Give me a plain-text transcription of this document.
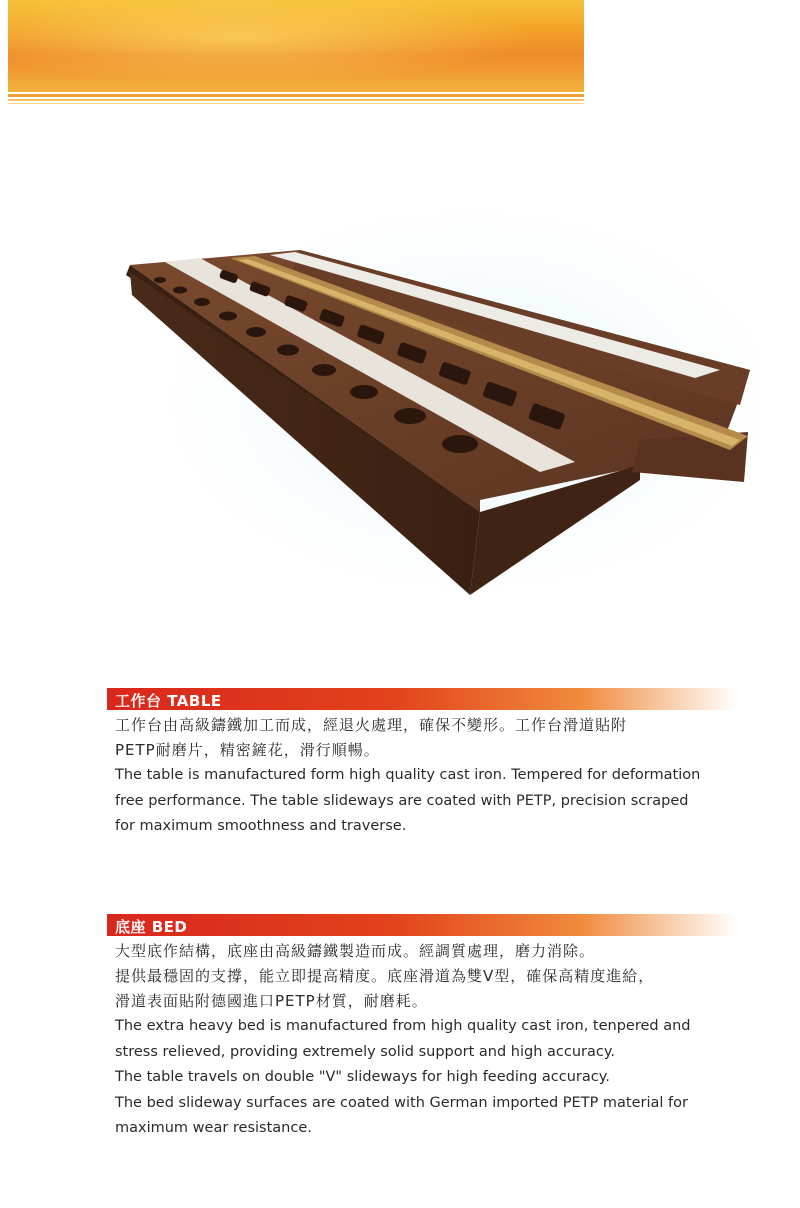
工作台 TABLE

工作台由高級鑄鐵加工而成，經退火處理，確保不變形。工作台滑道貼附

PETP耐磨片，精密鏟花，滑行順暢。

The table is manufactured form high quality cast iron. Tempered for deformation

free performance. The table slideways are coated with PETP, precision scraped

for maximum smoothness and traverse.

底座 BED

大型底作結構，底座由高級鑄鐵製造而成。經調質處理，磨力消除。

提供最穩固的支撐，能立即提高精度。底座滑道為雙V型，確保高精度進給，

滑道表面貼附德國進口PETP材質，耐磨耗。

The extra heavy bed is manufactured from high quality cast iron, tenpered and

stress relieved, providing extremely solid support and high accuracy.

The table travels on double "V" slideways for high feeding accuracy.

The bed slideway surfaces are coated with German imported PETP material for

maximum wear resistance.
